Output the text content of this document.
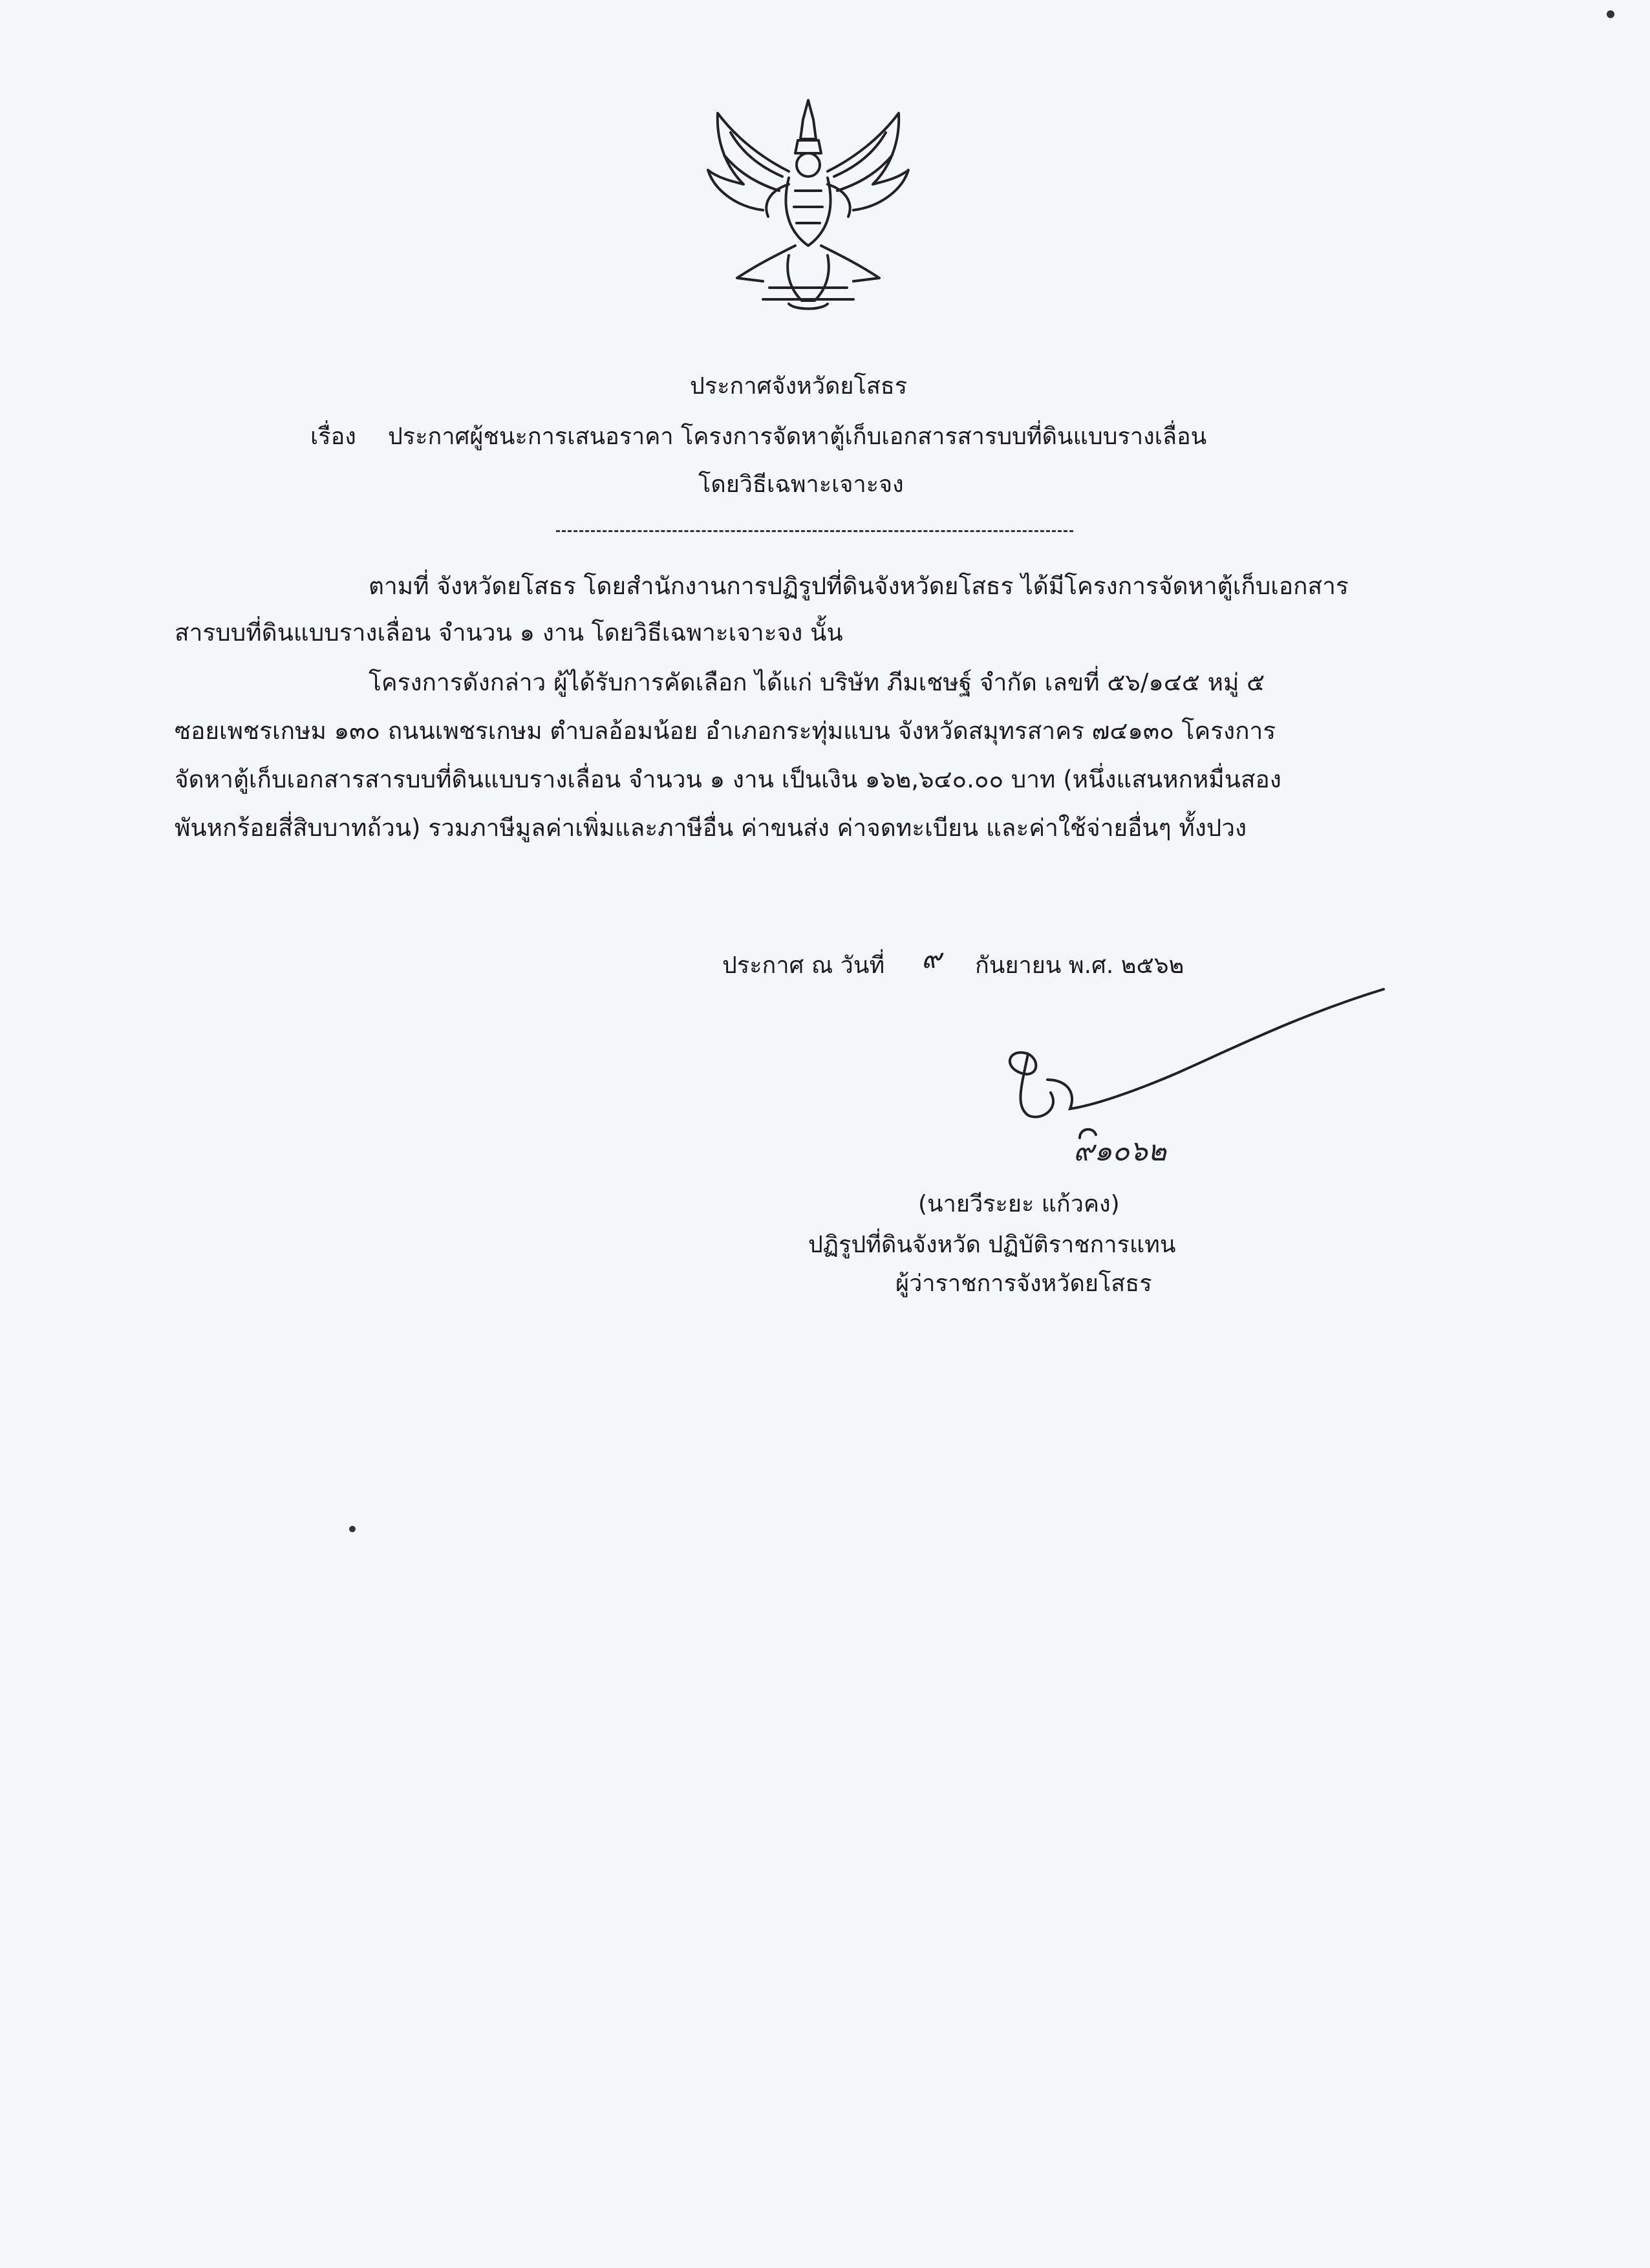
ประกาศจังหวัดยโสธร
เรื่อง ประกาศผู้ชนะการเสนอราคา โครงการจัดหาตู้เก็บเอกสารสารบบที่ดินแบบรางเลื่อน
โดยวิธีเฉพาะเจาะจง
ตามที่ จังหวัดยโสธร โดยสำนักงานการปฏิรูปที่ดินจังหวัดยโสธร ได้มีโครงการจัดหาตู้เก็บเอกสาร
สารบบที่ดินแบบรางเลื่อน จำนวน ๑ งาน โดยวิธีเฉพาะเจาะจง นั้น
โครงการดังกล่าว ผู้ได้รับการคัดเลือก ได้แก่ บริษัท ภีมเชษฐ์ จำกัด เลขที่ ๕๖/๑๔๕ หมู่ ๕
ซอยเพชรเกษม ๑๓๐ ถนนเพชรเกษม ตำบลอ้อมน้อย อำเภอกระทุ่มแบน จังหวัดสมุทรสาคร ๗๔๑๓๐ โครงการ
จัดหาตู้เก็บเอกสารสารบบที่ดินแบบรางเลื่อน จำนวน ๑ งาน เป็นเงิน ๑๖๒,๖๔๐.๐๐ บาท (หนึ่งแสนหกหมื่นสอง
พันหกร้อยสี่สิบบาทถ้วน) รวมภาษีมูลค่าเพิ่มและภาษีอื่น ค่าขนส่ง ค่าจดทะเบียน และค่าใช้จ่ายอื่นๆ ทั้งปวง
ประกาศ ณ วันที่ ๙ กันยายน พ.ศ. ๒๕๖๒
๙๑๐๖๒
(นายวีระยะ แก้วคง)
ปฏิรูปที่ดินจังหวัด ปฏิบัติราชการแทน
ผู้ว่าราชการจังหวัดยโสธร
